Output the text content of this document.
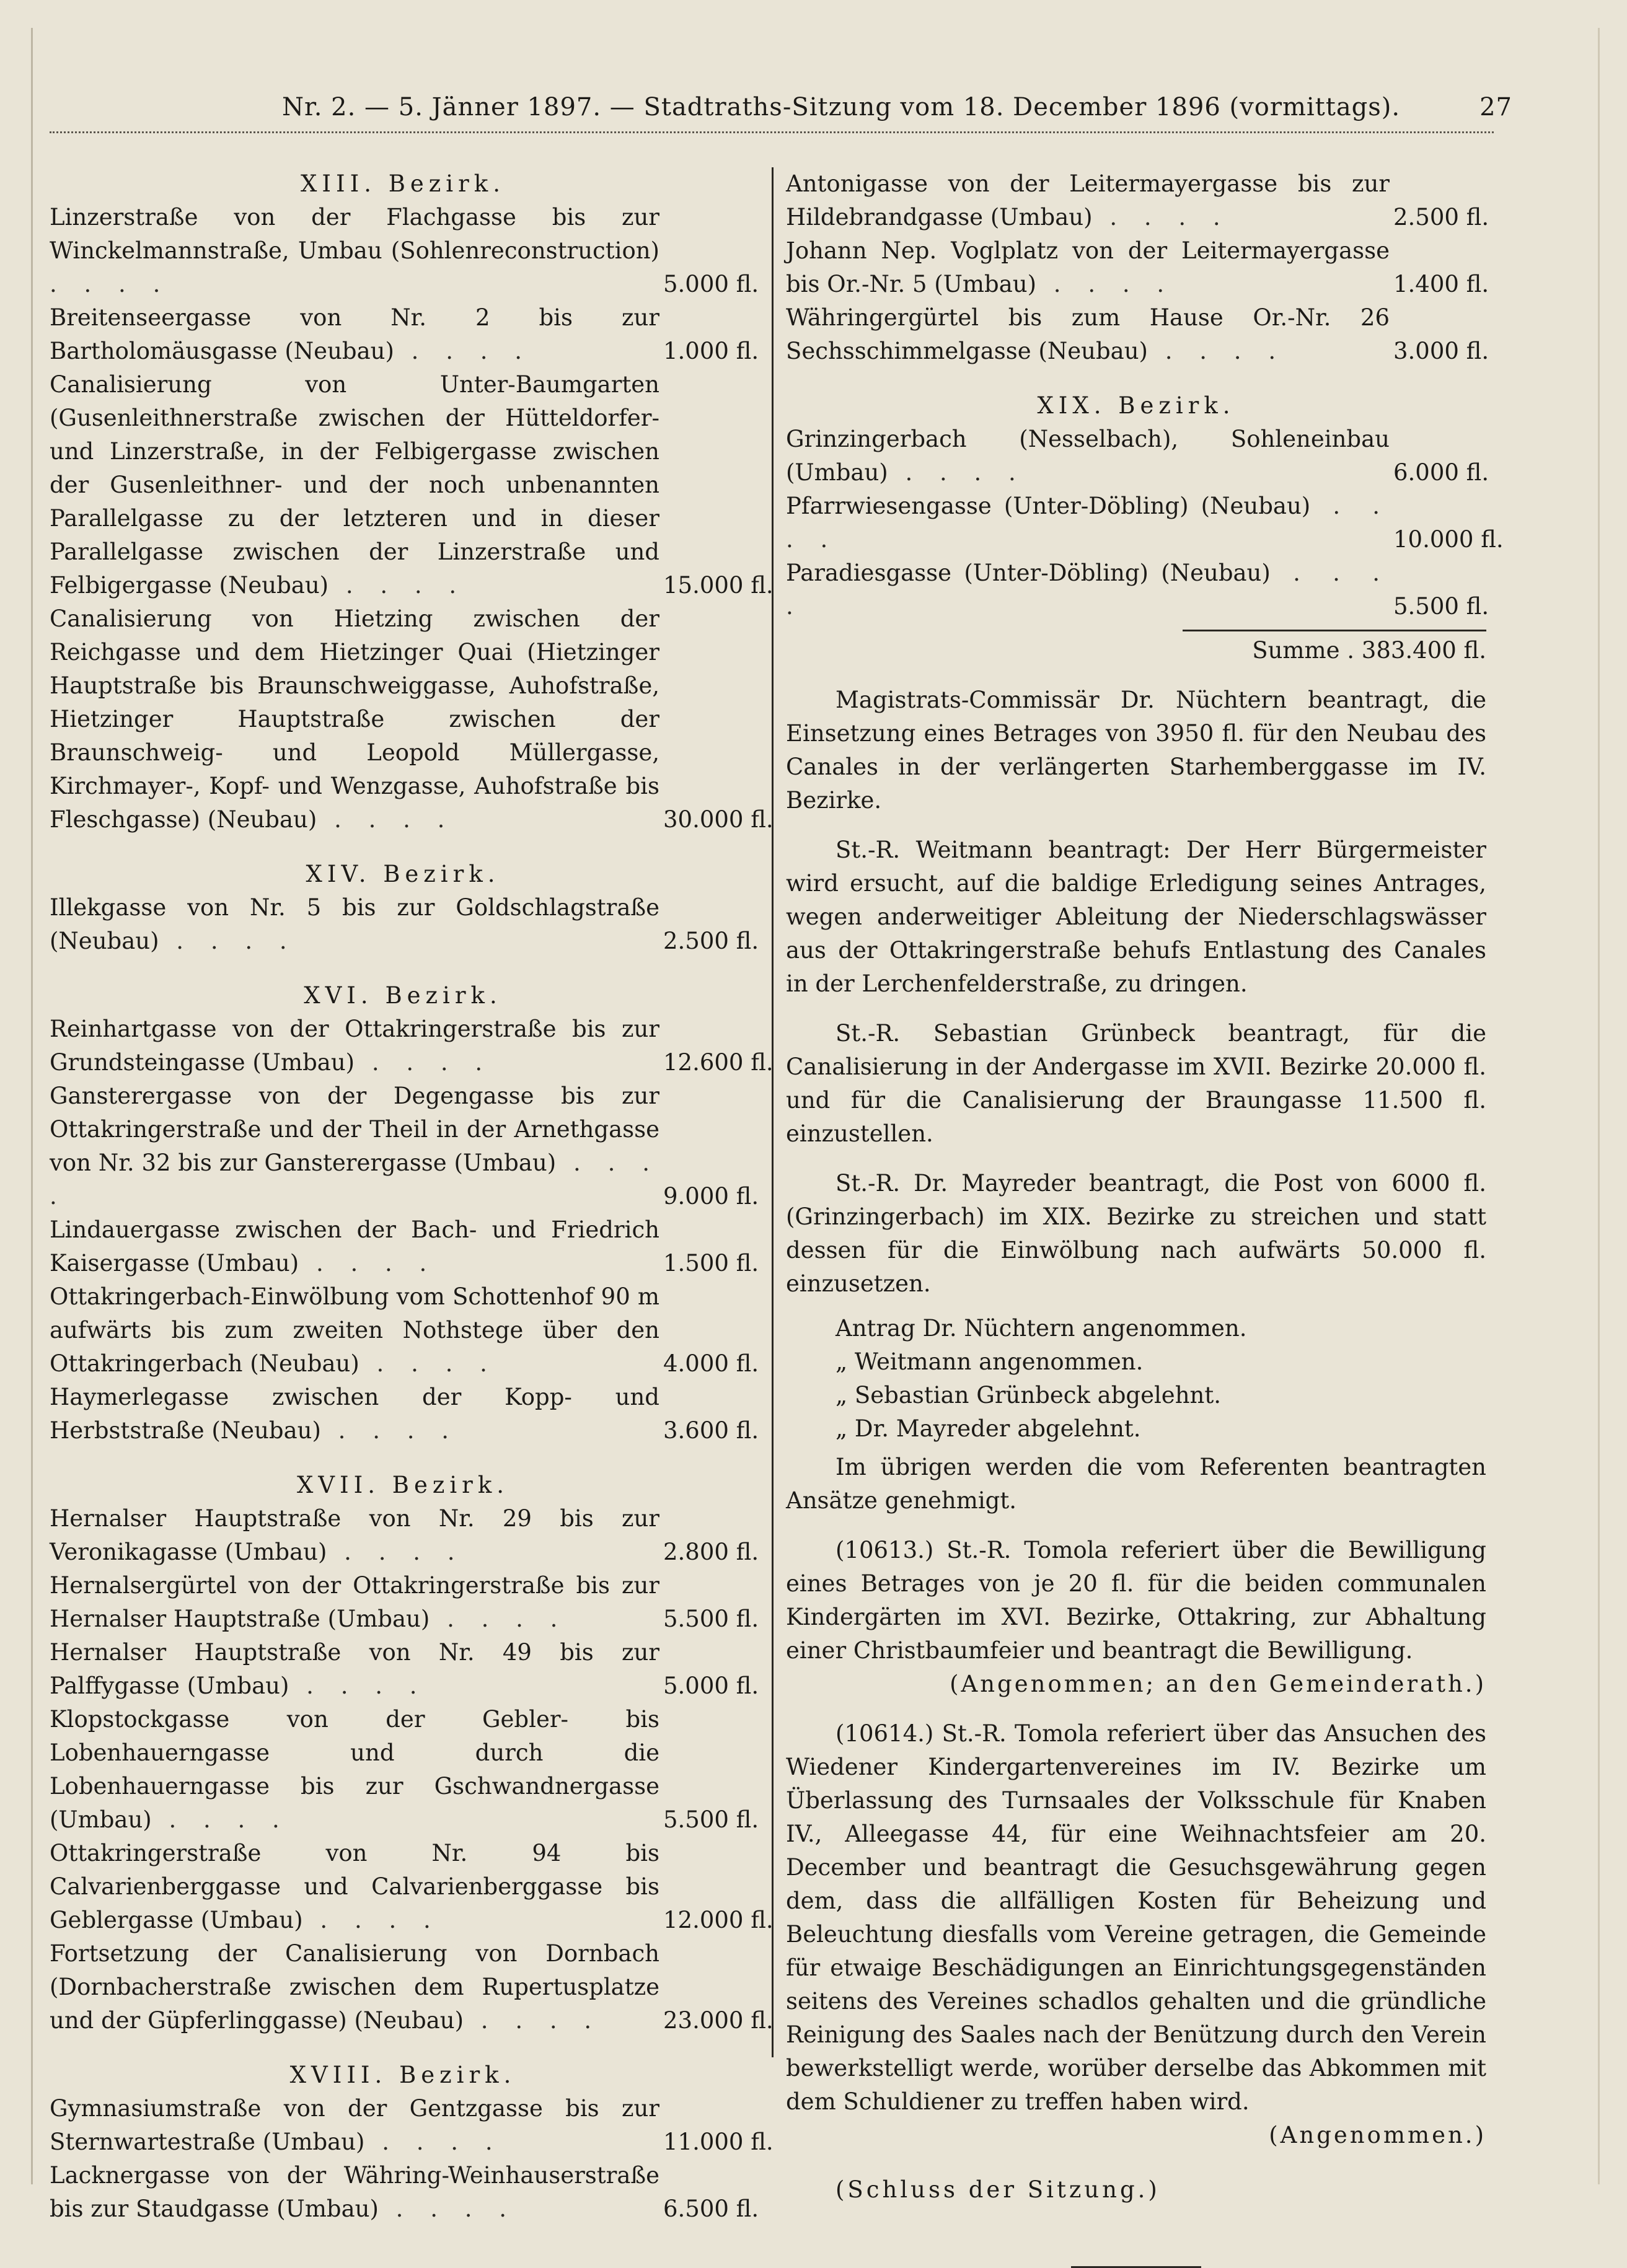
Nr. 2. — 5. Jänner 1897. — Stadtraths-Sitzung vom 18. December 1896 (vormittags).	27
XIII. Bezirk.
Linzerstraße von der Flachgasse bis zur Winckelmannstraße, Umbau (Sohlenreconstruction) . . . .	5.000 fl.
Breitenseergasse von Nr. 2 bis zur Bartholomäusgasse (Neubau) . . . .	1.000 fl.
Canalisierung von Unter-Baumgarten (Gusenleithnerstraße zwischen der Hütteldorfer- und Linzerstraße, in der Felbigergasse zwischen der Gusenleithner- und der noch unbenannten Parallelgasse zu der letzteren und in dieser Parallelgasse zwischen der Linzerstraße und Felbigergasse (Neubau) . . . .	15.000 fl.
Canalisierung von Hietzing zwischen der Reichgasse und dem Hietzinger Quai (Hietzinger Hauptstraße bis Braunschweiggasse, Auhofstraße, Hietzinger Hauptstraße zwischen der Braunschweig- und Leopold Müllergasse, Kirchmayer-, Kopf- und Wenzgasse, Auhofstraße bis Fleschgasse) (Neubau) . . . .	30.000 fl.
XIV. Bezirk.
Illekgasse von Nr. 5 bis zur Goldschlagstraße (Neubau) . . . .	2.500 fl.
XVI. Bezirk.
Reinhartgasse von der Ottakringerstraße bis zur Grundsteingasse (Umbau) . . . .	12.600 fl.
Gansterergasse von der Degengasse bis zur Ottakringerstraße und der Theil in der Arnethgasse von Nr. 32 bis zur Gansterergasse (Umbau) . . . .	9.000 fl.
Lindauergasse zwischen der Bach- und Friedrich Kaisergasse (Umbau) . . . .	1.500 fl.
Ottakringerbach-Einwölbung vom Schottenhof 90 m aufwärts bis zum zweiten Nothstege über den Ottakringerbach (Neubau) . . . .	4.000 fl.
Haymerlegasse zwischen der Kopp- und Herbststraße (Neubau) . . . .	3.600 fl.
XVII. Bezirk.
Hernalser Hauptstraße von Nr. 29 bis zur Veronikagasse (Umbau) . . . .	2.800 fl.
Hernalsergürtel von der Ottakringerstraße bis zur Hernalser Hauptstraße (Umbau) . . . .	5.500 fl.
Hernalser Hauptstraße von Nr. 49 bis zur Palffygasse (Umbau) . . . .	5.000 fl.
Klopstockgasse von der Gebler- bis Lobenhauerngasse und durch die Lobenhauerngasse bis zur Gschwandnergasse (Umbau) . . . .	5.500 fl.
Ottakringerstraße von Nr. 94 bis Calvarienberggasse und Calvarienberggasse bis Geblergasse (Umbau) . . . .	12.000 fl.
Fortsetzung der Canalisierung von Dornbach (Dornbacherstraße zwischen dem Rupertusplatze und der Güpferlinggasse) (Neubau) . . . .	23.000 fl.
XVIII. Bezirk.
Gymnasiumstraße von der Gentzgasse bis zur Sternwartestraße (Umbau) . . . .	11.000 fl.
Lacknergasse von der Währing-Weinhauserstraße bis zur Staudgasse (Umbau) . . . .	6.500 fl.
Antonigasse von der Leitermayergasse bis zur Hildebrandgasse (Umbau) . . . .	2.500 fl.
Johann Nep. Voglplatz von der Leitermayergasse bis Or.-Nr. 5 (Umbau) . . . .	1.400 fl.
Währingergürtel bis zum Hause Or.-Nr. 26 Sechsschimmelgasse (Neubau) . . . .	3.000 fl.
XIX. Bezirk.
Grinzingerbach (Nesselbach), Sohleneinbau (Umbau) . . . .	6.000 fl.
Pfarrwiesengasse (Unter-Döbling) (Neubau) . . . .	10.000 fl.
Paradiesgasse (Unter-Döbling) (Neubau) . . . .	5.500 fl.
Summe . 383.400 fl.

Magistrats-Commissär Dr. Nüchtern beantragt, die Einsetzung eines Betrages von 3950 fl. für den Neubau des Canales in der verlängerten Starhemberggasse im IV. Bezirke.

St.-R. Weitmann beantragt: Der Herr Bürgermeister wird ersucht, auf die baldige Erledigung seines Antrages, wegen anderweitiger Ableitung der Niederschlagswässer aus der Ottakringerstraße behufs Entlastung des Canales in der Lerchenfelderstraße, zu dringen.

St.-R. Sebastian Grünbeck beantragt, für die Canalisierung in der Andergasse im XVII. Bezirke 20.000 fl. und für die Canalisierung der Braungasse 11.500 fl. einzustellen.

St.-R. Dr. Mayreder beantragt, die Post von 6000 fl. (Grinzingerbach) im XIX. Bezirke zu streichen und statt dessen für die Einwölbung nach aufwärts 50.000 fl. einzusetzen.

Antrag Dr. Nüchtern angenommen.
„ Weitmann angenommen.
„ Sebastian Grünbeck abgelehnt.
„ Dr. Mayreder abgelehnt.

Im übrigen werden die vom Referenten beantragten Ansätze genehmigt.

(10613.) St.-R. Tomola referiert über die Bewilligung eines Betrages von je 20 fl. für die beiden communalen Kindergärten im XVI. Bezirke, Ottakring, zur Abhaltung einer Christbaumfeier und beantragt die Bewilligung.

(Angenommen; an den Gemeinderath.)

(10614.) St.-R. Tomola referiert über das Ansuchen des Wiedener Kindergartenvereines im IV. Bezirke um Überlassung des Turnsaales der Volksschule für Knaben IV., Alleegasse 44, für eine Weihnachtsfeier am 20. December und beantragt die Gesuchsgewährung gegen dem, dass die allfälligen Kosten für Beheizung und Beleuchtung diesfalls vom Vereine getragen, die Gemeinde für etwaige Beschädigungen an Einrichtungsgegenständen seitens des Vereines schadlos gehalten und die gründliche Reinigung des Saales nach der Benützung durch den Verein bewerkstelligt werde, worüber derselbe das Abkommen mit dem Schuldiener zu treffen haben wird.

(Angenommen.)
(Schluss der Sitzung.)
